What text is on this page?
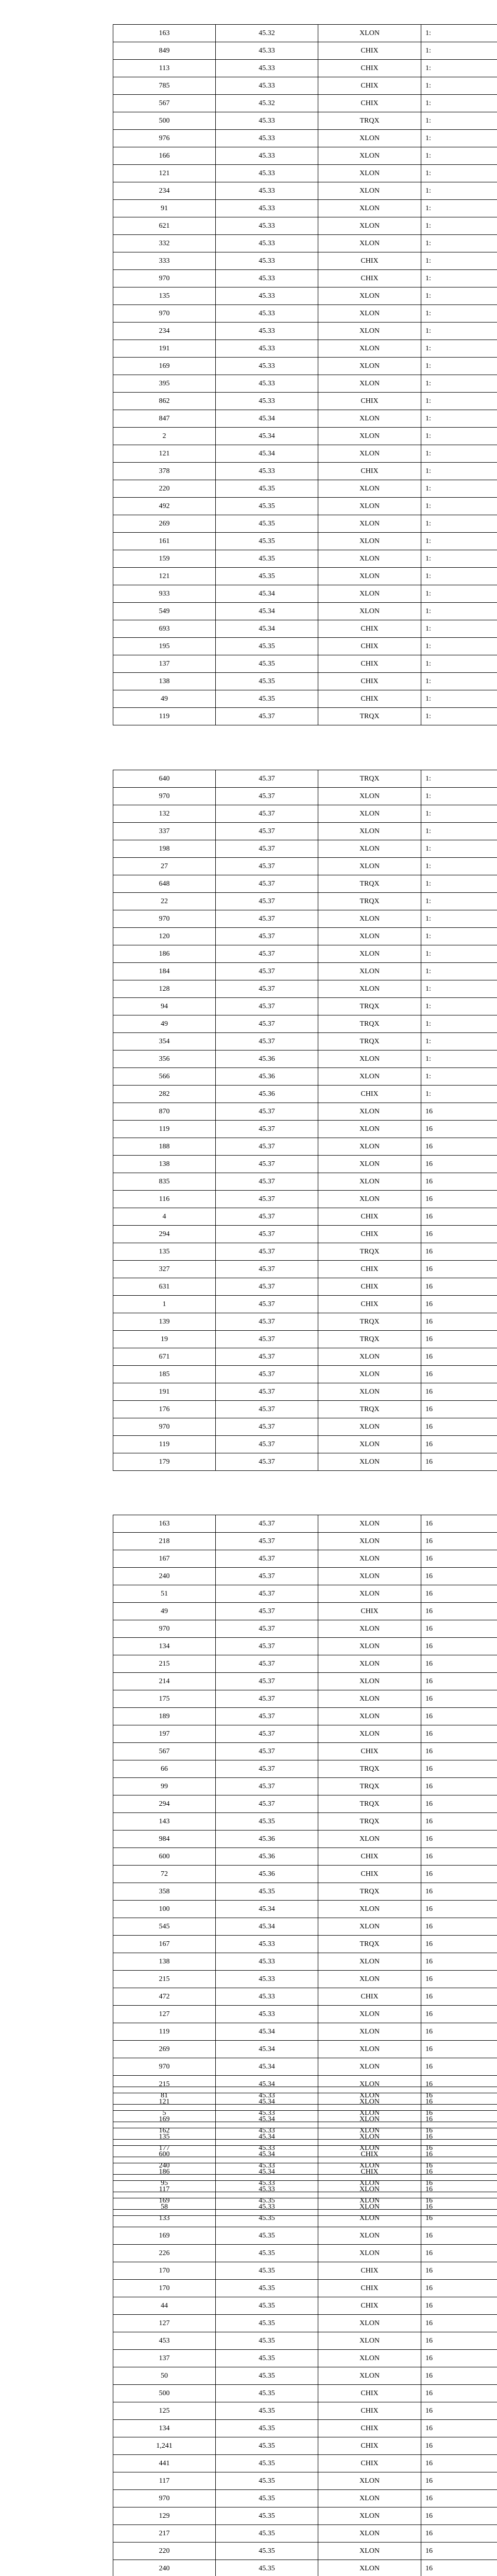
163	45.32	XLON	1:
849	45.33	CHIX	1:
113	45.33	CHIX	1:
785	45.33	CHIX	1:
567	45.32	CHIX	1:
500	45.33	TRQX	1:
976	45.33	XLON	1:
166	45.33	XLON	1:
121	45.33	XLON	1:
234	45.33	XLON	1:
91	45.33	XLON	1:
621	45.33	XLON	1:
332	45.33	XLON	1:
333	45.33	CHIX	1:
970	45.33	CHIX	1:
135	45.33	XLON	1:
970	45.33	XLON	1:
234	45.33	XLON	1:
191	45.33	XLON	1:
169	45.33	XLON	1:
395	45.33	XLON	1:
862	45.33	CHIX	1:
847	45.34	XLON	1:
2	45.34	XLON	1:
121	45.34	XLON	1:
378	45.33	CHIX	1:
220	45.35	XLON	1:
492	45.35	XLON	1:
269	45.35	XLON	1:
161	45.35	XLON	1:
159	45.35	XLON	1:
121	45.35	XLON	1:
933	45.34	XLON	1:
549	45.34	XLON	1:
693	45.34	CHIX	1:
195	45.35	CHIX	1:
137	45.35	CHIX	1:
138	45.35	CHIX	1:
49	45.35	CHIX	1:
119	45.37	TRQX	1:
640	45.37	TRQX	1:
970	45.37	XLON	1:
132	45.37	XLON	1:
337	45.37	XLON	1:
198	45.37	XLON	1:
27	45.37	XLON	1:
648	45.37	TRQX	1:
22	45.37	TRQX	1:
970	45.37	XLON	1:
120	45.37	XLON	1:
186	45.37	XLON	1:
184	45.37	XLON	1:
128	45.37	XLON	1:
94	45.37	TRQX	1:
49	45.37	TRQX	1:
354	45.37	TRQX	1:
356	45.36	XLON	1:
566	45.36	XLON	1:
282	45.36	CHIX	1:
870	45.37	XLON	16
119	45.37	XLON	16
188	45.37	XLON	16
138	45.37	XLON	16
835	45.37	XLON	16
116	45.37	XLON	16
4	45.37	CHIX	16
294	45.37	CHIX	16
135	45.37	TRQX	16
327	45.37	CHIX	16
631	45.37	CHIX	16
1	45.37	CHIX	16
139	45.37	TRQX	16
19	45.37	TRQX	16
671	45.37	XLON	16
185	45.37	XLON	16
191	45.37	XLON	16
176	45.37	TRQX	16
970	45.37	XLON	16
119	45.37	XLON	16
179	45.37	XLON	16
163	45.37	XLON	16
218	45.37	XLON	16
167	45.37	XLON	16
240	45.37	XLON	16
51	45.37	XLON	16
49	45.37	CHIX	16
970	45.37	XLON	16
134	45.37	XLON	16
215	45.37	XLON	16
214	45.37	XLON	16
175	45.37	XLON	16
189	45.37	XLON	16
197	45.37	XLON	16
567	45.37	CHIX	16
66	45.37	TRQX	16
99	45.37	TRQX	16
294	45.37	TRQX	16
143	45.35	TRQX	16
984	45.36	XLON	16
600	45.36	CHIX	16
72	45.36	CHIX	16
358	45.35	TRQX	16
100	45.34	XLON	16
545	45.34	XLON	16
167	45.33	TRQX	16
138	45.33	XLON	16
215	45.33	XLON	16
472	45.33	CHIX	16
127	45.33	XLON	16
119	45.34	XLON	16
269	45.34	XLON	16
970	45.34	XLON	16
215	45.34	XLON	16
121	45.34	XLON	16
169	45.34	XLON	16
135	45.34	XLON	16
600	45.34	CHIX	16
186	45.34	CHIX	16
117	45.33	XLON	16
58	45.33	XLON	16
81	45.33	XLON	16
5	45.33	XLON	16
162	45.33	XLON	16
177	45.33	XLON	16
240	45.33	XLON	16
95	45.33	XLON	16
169	45.35	XLON	16
133	45.35	XLON	16
169	45.35	XLON	16
226	45.35	XLON	16
170	45.35	CHIX	16
170	45.35	CHIX	16
44	45.35	CHIX	16
127	45.35	XLON	16
453	45.35	XLON	16
137	45.35	XLON	16
50	45.35	XLON	16
500	45.35	CHIX	16
125	45.35	CHIX	16
134	45.35	CHIX	16
1,241	45.35	CHIX	16
441	45.35	CHIX	16
117	45.35	XLON	16
970	45.35	XLON	16
129	45.35	XLON	16
217	45.35	XLON	16
220	45.35	XLON	16
240	45.35	XLON	16
